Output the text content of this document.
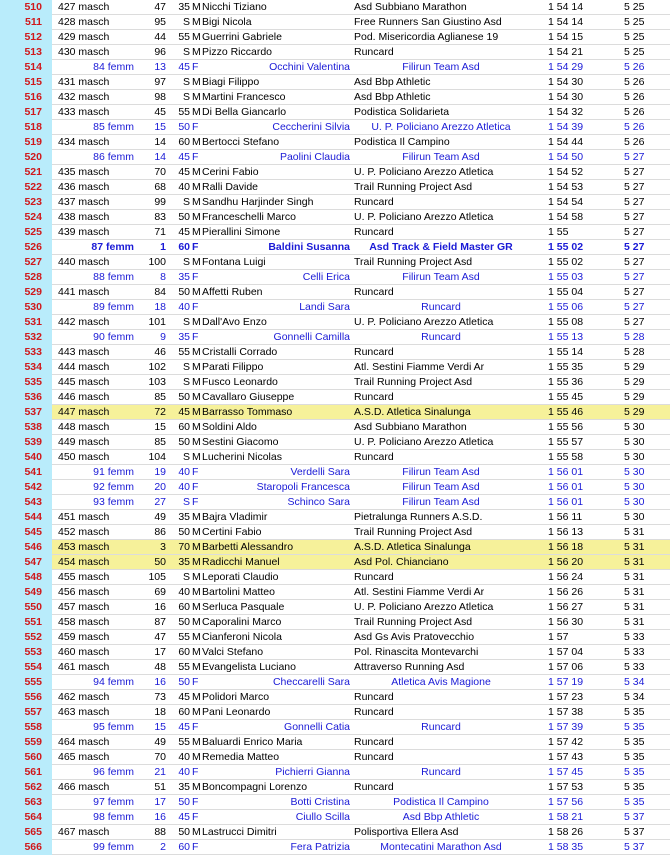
510	427 masch	47	35 M Nicchi Tiziano	Asd Subbiano Marathon	1 54 14	5 25
511	428 masch	95	S M Bigi Nicola	Free Runners San Giustino Asd	1 54 14	5 25
512	429 masch	44	55 M Guerrini Gabriele	Pod. Misericordia Aglianese 19	1 54 15	5 25
513	430 masch	96	S M Pizzo Riccardo	Runcard	1 54 21	5 25
514	84 femm	13	45 F	Occhini Valentina	Filirun Team Asd	1 54 29	5 26
515	431 masch	97	S M Biagi Filippo	Asd Bbp Athletic	1 54 30	5 26
516	432 masch	98	S M Martini Francesco	Asd Bbp Athletic	1 54 30	5 26
517	433 masch	45	55 M Di Bella Giancarlo	Podistica Solidarieta	1 54 32	5 26
518	85 femm	15	50 F	Ceccherini Silvia	U. P. Policiano Arezzo Atletica	1 54 39	5 26
519	434 masch	14	60 M Bertocci Stefano	Podistica Il Campino	1 54 44	5 26
520	86 femm	14	45 F	Paolini Claudia	Filirun Team Asd	1 54 50	5 27
521	435 masch	70	45 M Cerini Fabio	U. P. Policiano Arezzo Atletica	1 54 52	5 27
522	436 masch	68	40 M Ralli Davide	Trail Running Project Asd	1 54 53	5 27
523	437 masch	99	S M Sandhu Harjinder Singh	Runcard	1 54 54	5 27
524	438 masch	83	50 M Franceschelli Marco	U. P. Policiano Arezzo Atletica	1 54 58	5 27
525	439 masch	71	45 M Pierallini Simone	Runcard	1 55	5 27
526	87 femm	1	60 F	Baldini Susanna	Asd Track & Field Master GR	1 55 02	5 27
527	440 masch	100	S M Fontana Luigi	Trail Running Project Asd	1 55 02	5 27
528	88 femm	8	35 F	Celli Erica	Filirun Team Asd	1 55 03	5 27
529	441 masch	84	50 M Affetti Ruben	Runcard	1 55 04	5 27
530	89 femm	18	40 F	Landi Sara	Runcard	1 55 06	5 27
531	442 masch	101	S M Dall'Avo Enzo	U. P. Policiano Arezzo Atletica	1 55 08	5 27
532	90 femm	9	35 F	Gonnelli Camilla	Runcard	1 55 13	5 28
533	443 masch	46	55 M Cristalli Corrado	Runcard	1 55 14	5 28
534	444 masch	102	S M Parati Filippo	Atl. Sestini Fiamme Verdi Ar	1 55 35	5 29
535	445 masch	103	S M Fusco Leonardo	Trail Running Project Asd	1 55 36	5 29
536	446 masch	85	50 M Cavallaro Giuseppe	Runcard	1 55 45	5 29
537	447 masch	72	45 M Barrasso Tommaso	A.S.D. Atletica Sinalunga	1 55 46	5 29
538	448 masch	15	60 M Soldini Aldo	Asd Subbiano Marathon	1 55 56	5 30
539	449 masch	85	50 M Sestini Giacomo	U. P. Policiano Arezzo Atletica	1 55 57	5 30
540	450 masch	104	S M Lucherini Nicolas	Runcard	1 55 58	5 30
541	91 femm	19	40 F	Verdelli Sara	Filirun Team Asd	1 56 01	5 30
542	92 femm	20	40 F	Staropoli Francesca	Filirun Team Asd	1 56 01	5 30
543	93 femm	27	S F	Schinco Sara	Filirun Team Asd	1 56 01	5 30
544	451 masch	49	35 M Bajra Vladimir	Pietralunga Runners A.S.D.	1 56 11	5 30
545	452 masch	86	50 M Certini Fabio	Trail Running Project Asd	1 56 13	5 31
546	453 masch	3	70 M Barbetti Alessandro	A.S.D. Atletica Sinalunga	1 56 18	5 31
547	454 masch	50	35 M Radicchi Manuel	Asd Pol. Chianciano	1 56 20	5 31
548	455 masch	105	S M Leporati Claudio	Runcard	1 56 24	5 31
549	456 masch	69	40 M Bartolini Matteo	Atl. Sestini Fiamme Verdi Ar	1 56 26	5 31
550	457 masch	16	60 M Serluca Pasquale	U. P. Policiano Arezzo Atletica	1 56 27	5 31
551	458 masch	87	50 M Caporalini Marco	Trail Running Project Asd	1 56 30	5 31
552	459 masch	47	55 M Cianferoni Nicola	Asd Gs Avis Pratovecchio	1 57	5 33
553	460 masch	17	60 M Valci Stefano	Pol. Rinascita Montevarchi	1 57 04	5 33
554	461 masch	48	55 M Evangelista Luciano	Attraverso Running Asd	1 57 06	5 33
555	94 femm	16	50 F	Checcarelli Sara	Atletica Avis Magione	1 57 19	5 34
556	462 masch	73	45 M Polidori Marco	Runcard	1 57 23	5 34
557	463 masch	18	60 M Pani Leonardo	Runcard	1 57 38	5 35
558	95 femm	15	45 F	Gonnelli Catia	Runcard	1 57 39	5 35
559	464 masch	49	55 M Baluardi Enrico Maria	Runcard	1 57 42	5 35
560	465 masch	70	40 M Remedia Matteo	Runcard	1 57 43	5 35
561	96 femm	21	40 F	Pichierri Gianna	Runcard	1 57 45	5 35
562	466 masch	51	35 M Boncompagni Lorenzo	Runcard	1 57 53	5 35
563	97 femm	17	50 F	Botti Cristina	Podistica Il Campino	1 57 56	5 35
564	98 femm	16	45 F	Ciullo Scilla	Asd Bbp Athletic	1 58 21	5 37
565	467 masch	88	50 M Lastrucci Dimitri	Polisportiva Ellera Asd	1 58 26	5 37
566	99 femm	2	60 F	Fera Patrizia	Montecatini Marathon Asd	1 58 35	5 37
